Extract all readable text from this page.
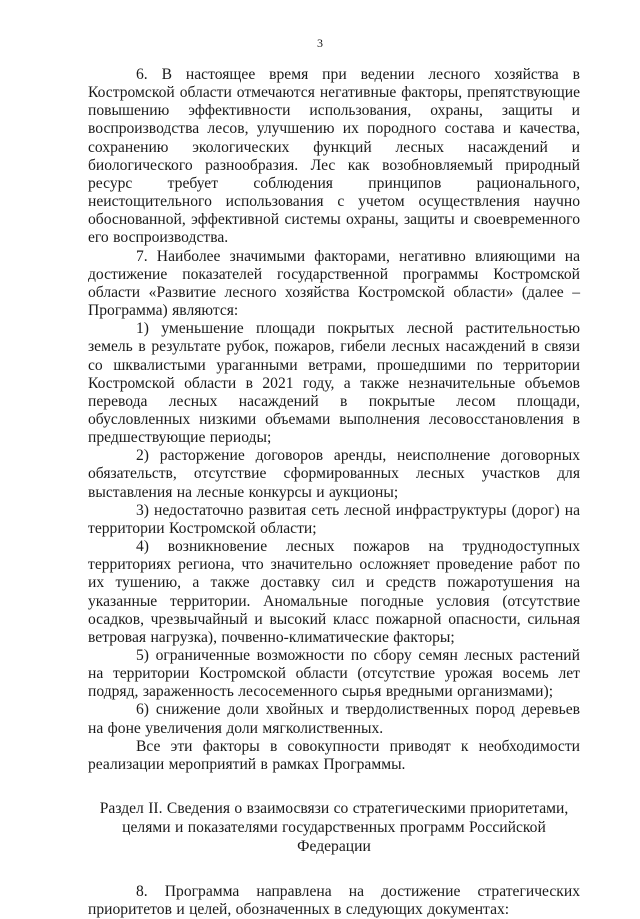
3

6. В настоящее время при ведении лесного хозяйства в Костромской области отмечаются негативные факторы, препятствующие повышению эффективности использования, охраны, защиты и воспроизводства лесов, улучшению их породного состава и качества, сохранению экологических функций лесных насаждений и биологического разнообразия. Лес как возобновляемый природный ресурс требует соблюдения принципов рационального, неистощительного использования с учетом осуществления научно обоснованной, эффективной системы охраны, защиты и своевременного его воспроизводства.

7. Наиболее значимыми факторами, негативно влияющими на достижение показателей государственной программы Костромской области «Развитие лесного хозяйства Костромской области» (далее – Программа) являются:

1) уменьшение площади покрытых лесной растительностью земель в результате рубок, пожаров, гибели лесных насаждений в связи со шквалистыми ураганными ветрами, прошедшими по территории Костромской области в 2021 году, а также незначительные объемов перевода лесных насаждений в покрытые лесом площади, обусловленных низкими объемами выполнения лесовосстановления в предшествующие периоды;

2) расторжение договоров аренды, неисполнение договорных обязательств, отсутствие сформированных лесных участков для выставления на лесные конкурсы и аукционы;

3) недостаточно развитая сеть лесной инфраструктуры (дорог) на территории Костромской области;

4) возникновение лесных пожаров на труднодоступных территориях региона, что значительно осложняет проведение работ по их тушению, а также доставку сил и средств пожаротушения на указанные территории. Аномальные погодные условия (отсутствие осадков, чрезвычайный и высокий класс пожарной опасности, сильная ветровая нагрузка), почвенно-климатические факторы;

5) ограниченные возможности по сбору семян лесных растений на территории Костромской области (отсутствие урожая восемь лет подряд, зараженность лесосеменного сырья вредными организмами);

6) снижение доли хвойных и твердолиственных пород деревьев на фоне увеличения доли мягколиственных.

Все эти факторы в совокупности приводят к необходимости реализации мероприятий в рамках Программы.

Раздел II. Сведения о взаимосвязи со стратегическими приоритетами,
целями и показателями государственных программ Российской Федерации

8. Программа направлена на достижение стратегических приоритетов и целей, обозначенных в следующих документах:
